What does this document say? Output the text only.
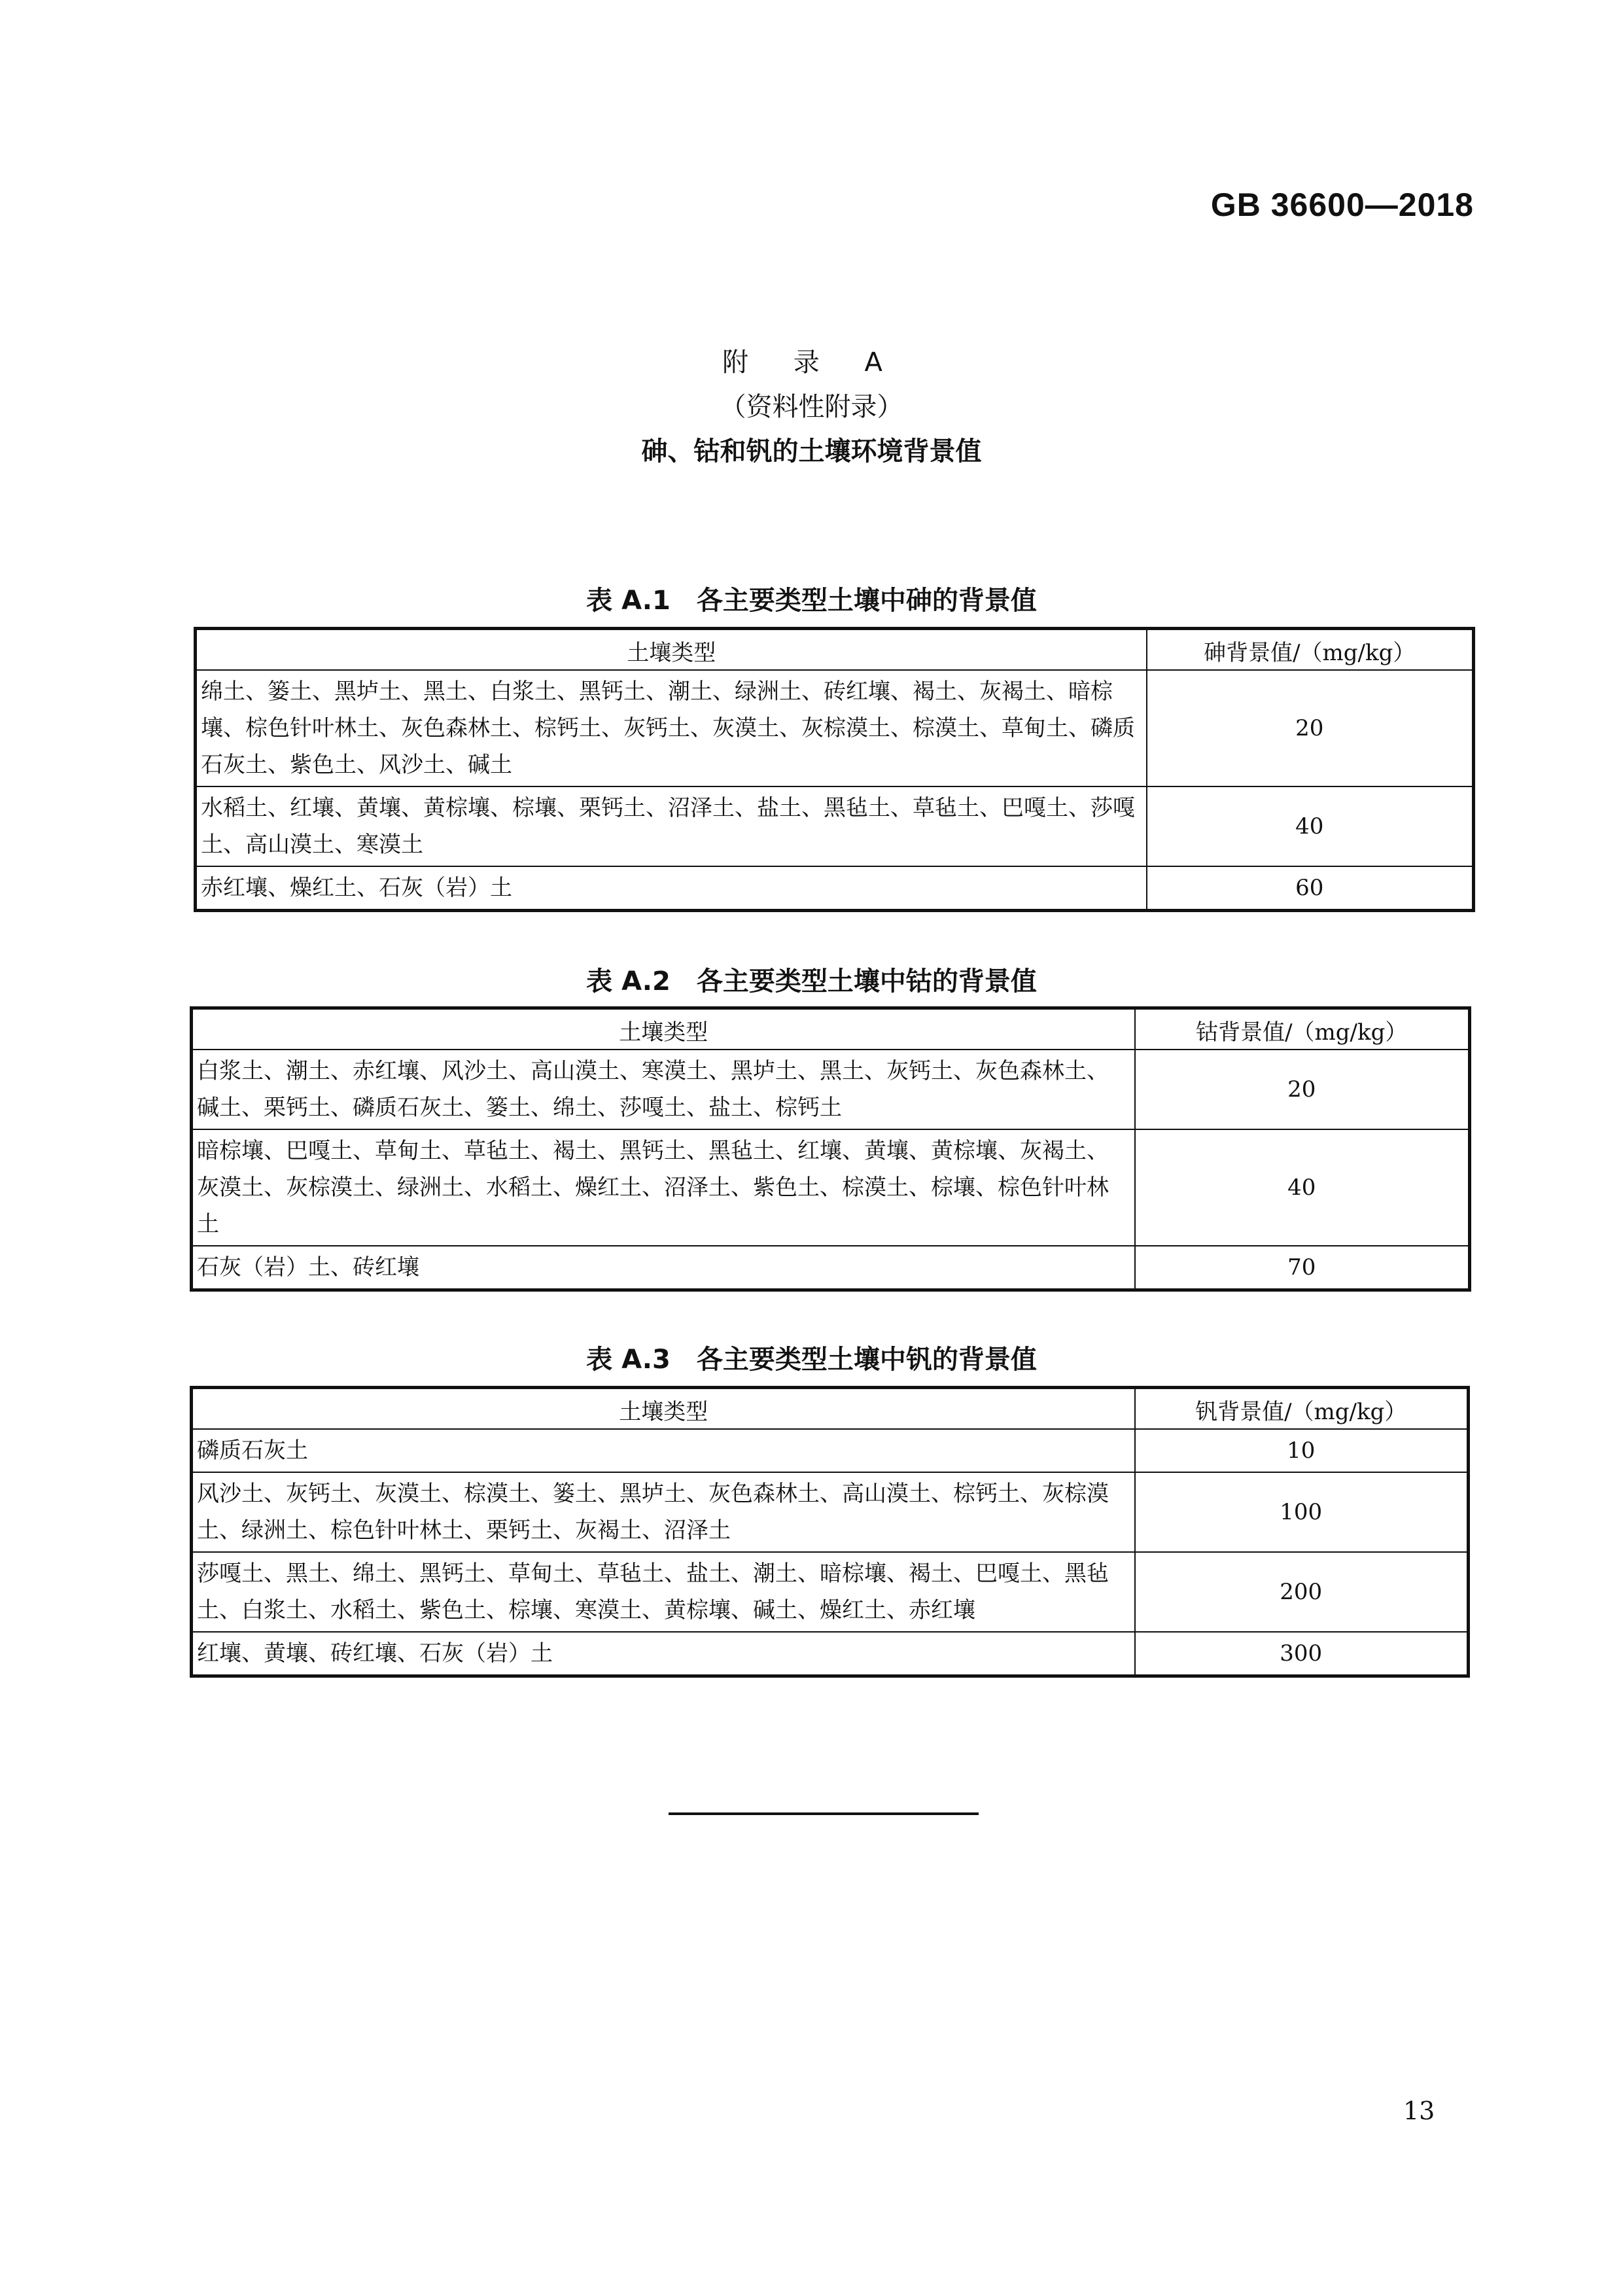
GB 36600—2018
附 录 A
（资料性附录）
砷、钴和钒的土壤环境背景值
表 A.1 各主要类型土壤中砷的背景值
土壤类型	砷背景值/（mg/kg）
绵土、篓土、黑垆土、黑土、白浆土、黑钙土、潮土、绿洲土、砖红壤、褐土、灰褐土、暗棕壤、棕色针叶林土、灰色森林土、棕钙土、灰钙土、灰漠土、灰棕漠土、棕漠土、草甸土、磷质石灰土、紫色土、风沙土、碱土	20
水稻土、红壤、黄壤、黄棕壤、棕壤、栗钙土、沼泽土、盐土、黑毡土、草毡土、巴嘎土、莎嘎土、高山漠土、寒漠土	40
赤红壤、燥红土、石灰（岩）土	60
表 A.2 各主要类型土壤中钴的背景值
土壤类型	钴背景值/（mg/kg）
白浆土、潮土、赤红壤、风沙土、高山漠土、寒漠土、黑垆土、黑土、灰钙土、灰色森林土、碱土、栗钙土、磷质石灰土、篓土、绵土、莎嘎土、盐土、棕钙土	20
暗棕壤、巴嘎土、草甸土、草毡土、褐土、黑钙土、黑毡土、红壤、黄壤、黄棕壤、灰褐土、灰漠土、灰棕漠土、绿洲土、水稻土、燥红土、沼泽土、紫色土、棕漠土、棕壤、棕色针叶林土	40
石灰（岩）土、砖红壤	70
表 A.3 各主要类型土壤中钒的背景值
土壤类型	钒背景值/（mg/kg）
磷质石灰土	10
风沙土、灰钙土、灰漠土、棕漠土、篓土、黑垆土、灰色森林土、高山漠土、棕钙土、灰棕漠土、绿洲土、棕色针叶林土、栗钙土、灰褐土、沼泽土	100
莎嘎土、黑土、绵土、黑钙土、草甸土、草毡土、盐土、潮土、暗棕壤、褐土、巴嘎土、黑毡土、白浆土、水稻土、紫色土、棕壤、寒漠土、黄棕壤、碱土、燥红土、赤红壤	200
红壤、黄壤、砖红壤、石灰（岩）土	300
13
